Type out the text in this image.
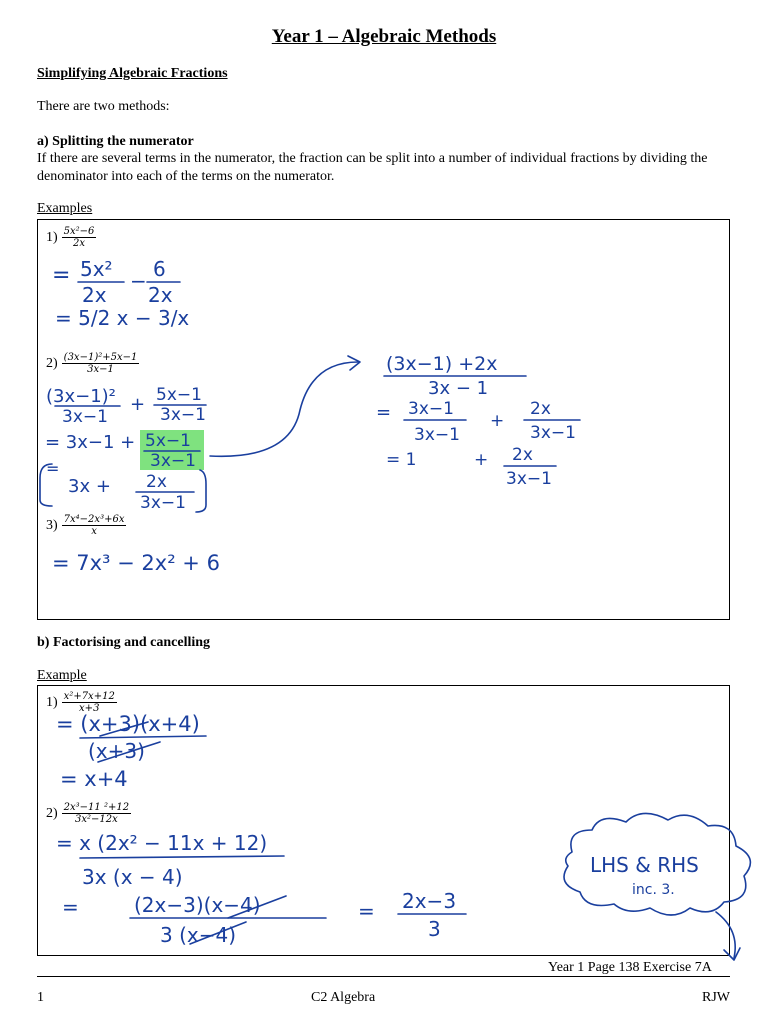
Year 1 – Algebraic Methods
Simplifying Algebraic Fractions
There are two methods:
a) Splitting the numerator
If there are several terms in the numerator, the fraction can be split into a number of individual fractions by dividing the denominator into each of the terms on the numerator.
Examples
$1) \frac{\text{5x²−6}}{2x}$
$2) \frac{\text{(3x−1)²+5x−1}}{3x-1}$
$3) \frac{\text{7x⁴−2x³+6x}}{x}$
b) Factorising and cancelling
Example
$1) \frac{\text{x²+7x+12}}{x+3}$
$2) \frac{\text{2x³−11 ²+12}}{\text{3x²−12x}}$
= 5x²
2x
− 6
2x
= 5/2 x − 3/x
(3x−1)²
3x−1
+ 5x−1
3x−1
= 3x−1 + 5x−1
3x−1
=
3x + 2x
3x−1
(3x−1) +2x
3x − 1
= 3x−1
3x−1
+
2x
3x−1
= 1	+ 2x
3x−1
= 7x³ − 2x² + 6
= (x+3)(x+4)
(x+3)
= x+4
= x (2x² − 11x + 12)
3x (x − 4)
=	(2x−3)(x−4)
3 (x−4)
= 2x−3
3
LHS & RHS
inc. 3.
Year 1 Page 138 Exercise 7A
1	C2 Algebra	RJW
